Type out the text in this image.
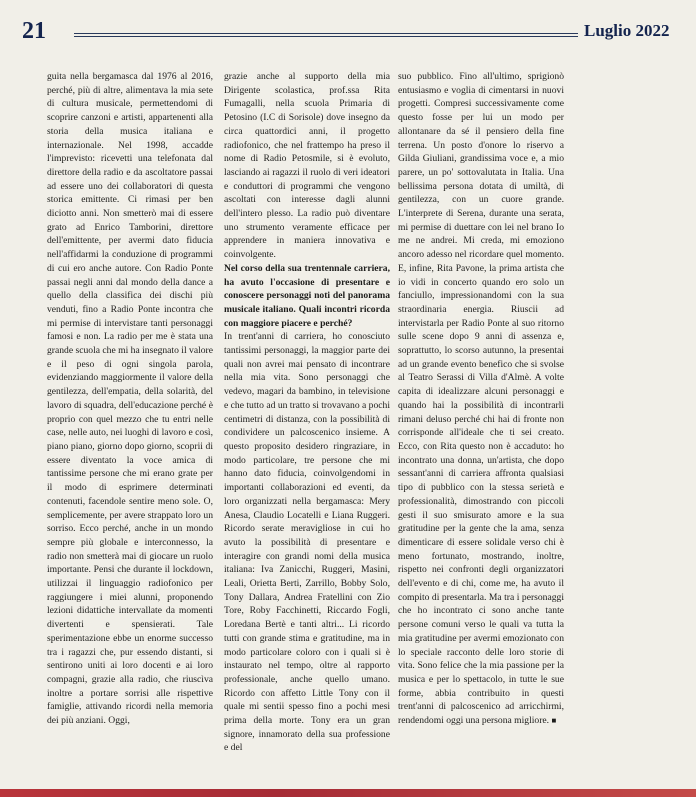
21	Luglio 2022

guita nella bergamasca dal 1976 al 2016, perché, più di altre, alimentava la mia sete di cultura musicale, permettendomi di scoprire canzoni e artisti, appartenenti alla storia della musica italiana e internazionale. Nel 1998, accadde l'imprevisto: ricevetti una telefonata dal direttore della radio e da ascoltatore passai ad essere uno dei collaboratori di questa storica emittente. Ci rimasi per ben diciotto anni. Non smetterò mai di essere grato ad Enrico Tamborini, direttore dell'emittente, per avermi dato fiducia nell'affidarmi la conduzione di programmi di cui ero anche autore. Con Radio Ponte passai negli anni dal mondo della dance a quello della classifica dei dischi più venduti, fino a Radio Ponte incontra che mi permise di intervistare tanti personaggi famosi e non. La radio per me è stata una grande scuola che mi ha insegnato il valore e il peso di ogni singola parola, evidenziando maggiormente il valore della gentilezza, dell'empatia, della solarità, del lavoro di squadra, dell'educazione perché è proprio con quel mezzo che tu entri nelle case, nelle auto, nei luoghi di lavoro e così, piano piano, giorno dopo giorno, scoprii di essere diventato la voce amica di tantissime persone che mi erano grate per il modo di esprimere determinati contenuti, facendole sentire meno sole. O, semplicemente, per avere strappato loro un sorriso. Ecco perché, anche in un mondo sempre più globale e interconnesso, la radio non smetterà mai di giocare un ruolo importante. Pensi che durante il lockdown, utilizzai il linguaggio radiofonico per raggiungere i miei alunni, proponendo lezioni didattiche intervallate da momenti divertenti e spensierati. Tale sperimentazione ebbe un enorme successo tra i ragazzi che, pur essendo distanti, si sentirono uniti ai loro docenti e ai loro compagni, grazie alla radio, che riuscìva inoltre a portare sorrisi alle rispettive famiglie, attivando ricordi nella memoria dei più anziani. Oggi,

grazie anche al supporto della mia Dirigente scolastica, prof.ssa Rita Fumagalli, nella scuola Primaria di Petosino (I.C di Sorisole) dove insegno da circa quattordici anni, il progetto radiofonico, che nel frattempo ha preso il nome di Radio Petosmile, si è evoluto, lasciando ai ragazzi il ruolo di veri ideatori e conduttori di programmi che vengono ascoltati con interesse dagli alunni dell'intero plesso. La radio può diventare uno strumento veramente efficace per apprendere in maniera innovativa e coinvolgente.

Nel corso della sua trentennale carriera, ha avuto l'occasione di presentare e conoscere personaggi noti del panorama musicale italiano. Quali incontri ricorda con maggiore piacere e perché?

In trent'anni di carriera, ho conosciuto tantissimi personaggi, la maggior parte dei quali non avrei mai pensato di incontrare nella mia vita. Sono personaggi che vedevo, magari da bambino, in televisione e che tutto ad un tratto si trovavano a pochi centimetri di distanza, con la possibilità di condividere un palcoscenico insieme. A questo proposito desidero ringraziare, in modo particolare, tre persone che mi hanno dato fiducia, coinvolgendomi in importanti collaborazioni ed eventi, da loro organizzati nella bergamasca: Mery Anesa, Claudio Locatelli e Liana Ruggeri. Ricordo serate meravigliose in cui ho avuto la possibilità di presentare e interagire con grandi nomi della musica italiana: Iva Zanicchi, Ruggeri, Masini, Leali, Orietta Berti, Zarrillo, Bobby Solo, Tony Dallara, Andrea Fratellini con Zio Tore, Roby Facchinetti, Riccardo Fogli, Loredana Bertè e tanti altri... Li ricordo tutti con grande stima e gratitudine, ma in modo particolare coloro con i quali si è instaurato nel tempo, oltre al rapporto professionale, anche quello umano. Ricordo con affetto Little Tony con il quale mi sentii spesso fino a pochi mesi prima della morte. Tony era un gran signore, innamorato della sua professione e del

suo pubblico. Fino all'ultimo, sprigionò entusiasmo e voglia di cimentarsi in nuovi progetti. Compresi successivamente come questo fosse per lui un modo per allontanare da sé il pensiero della fine terrena. Un posto d'onore lo riservo a Gilda Giuliani, grandissima voce e, a mio parere, un po' sottovalutata in Italia. Una bellissima persona dotata di umiltà, di gentilezza, con un cuore grande. L'interprete di Serena, durante una serata, mi permise di duettare con lei nel brano Io me ne andrei. Mi creda, mi emoziono ancoro adesso nel ricordare quel momento. E, infine, Rita Pavone, la prima artista che io vidi in concerto quando ero solo un fanciullo, impressionandomi con la sua straordinaria energia. Riuscii ad intervistarla per Radio Ponte al suo ritorno sulle scene dopo 9 anni di assenza e, soprattutto, lo scorso autunno, la presentai ad un grande evento benefico che si svolse al Teatro Serassi di Villa d'Almè. A volte capita di idealizzare alcuni personaggi e quando hai la possibilità di incontrarli rimani deluso perché chi hai di fronte non corrisponde all'ideale che ti sei creato. Ecco, con Rita questo non è accaduto: ho incontrato una donna, un'artista, che dopo sessant'anni di carriera affronta qualsiasi tipo di pubblico con la stessa serietà e professionalità, dimostrando con piccoli gesti il suo smisurato amore e la sua gratitudine per la gente che la ama, senza dimenticare di essere solidale verso chi è meno fortunato, mostrando, inoltre, rispetto nei confronti degli organizzatori dell'evento e di chi, come me, ha avuto il compito di presentarla. Ma tra i personaggi che ho incontrato ci sono anche tante persone comuni verso le quali va tutta la mia gratitudine per avermi emozionato con lo speciale racconto delle loro storie di vita. Sono felice che la mia passione per la musica e per lo spettacolo, in tutte le sue forme, abbia contribuito in questi trent'anni di palcoscenico ad arricchirmi, rendendomi oggi una persona migliore. ■
